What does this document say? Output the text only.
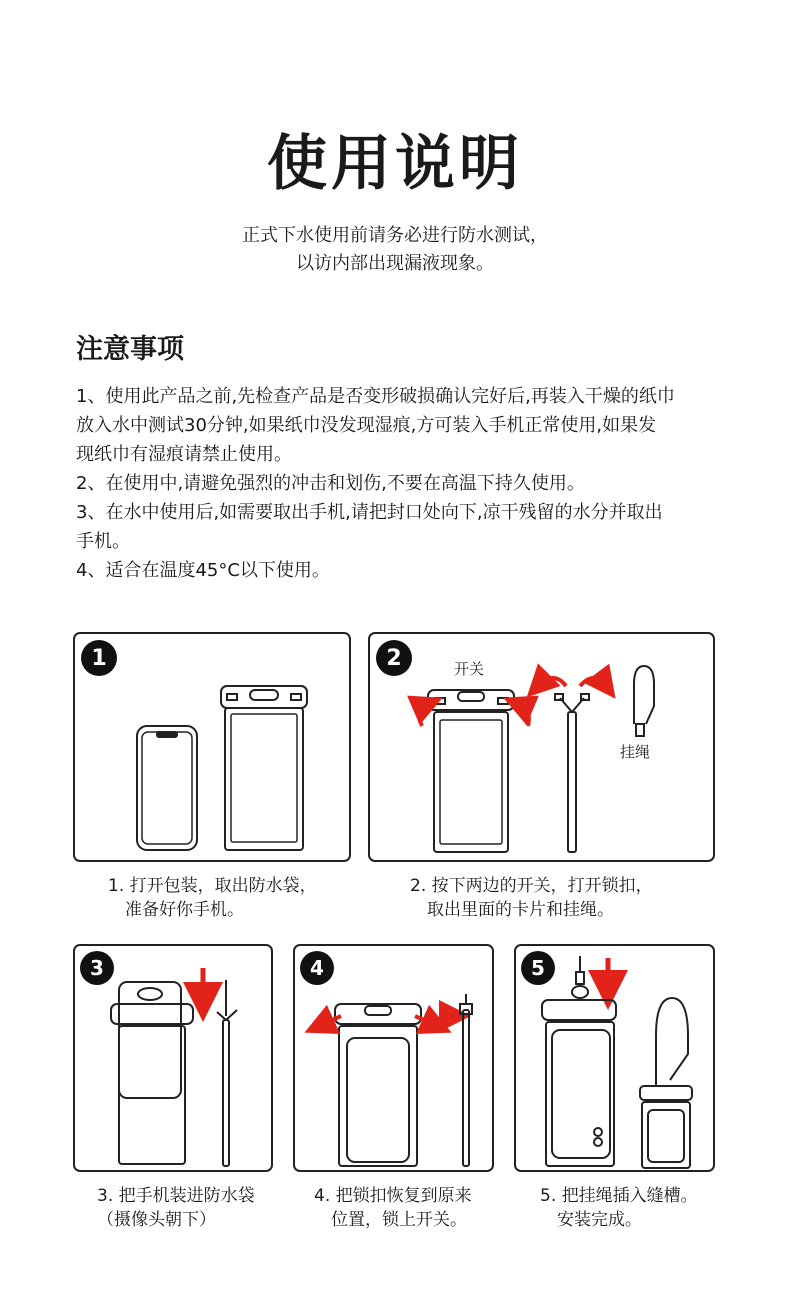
使用说明

正式下水使用前请务必进行防水测试，

以访内部出现漏液现象。

注意事项

1、使用此产品之前,先检查产品是否变形破损确认完好后,再装入干燥的纸巾

放入水中测试30分钟,如果纸巾没发现湿痕,方可装入手机正常使用,如果发

现纸巾有湿痕请禁止使用。

2、在使用中,请避免强烈的冲击和划伤,不要在高温下持久使用。

3、在水中使用后,如需要取出手机,请把封口处向下,凉干残留的水分并取出

手机。

4、适合在温度45°C以下使用。

1

1. 打开包装，取出防水袋，

准备好你手机。

2	开关
挂绳

2. 按下两边的开关，打开锁扣，

取出里面的卡片和挂绳。

3

3. 把手机装进防水袋

（摄像头朝下）

4

4. 把锁扣恢复到原来

位置，锁上开关。

5

5. 把挂绳插入缝槽。

安装完成。
